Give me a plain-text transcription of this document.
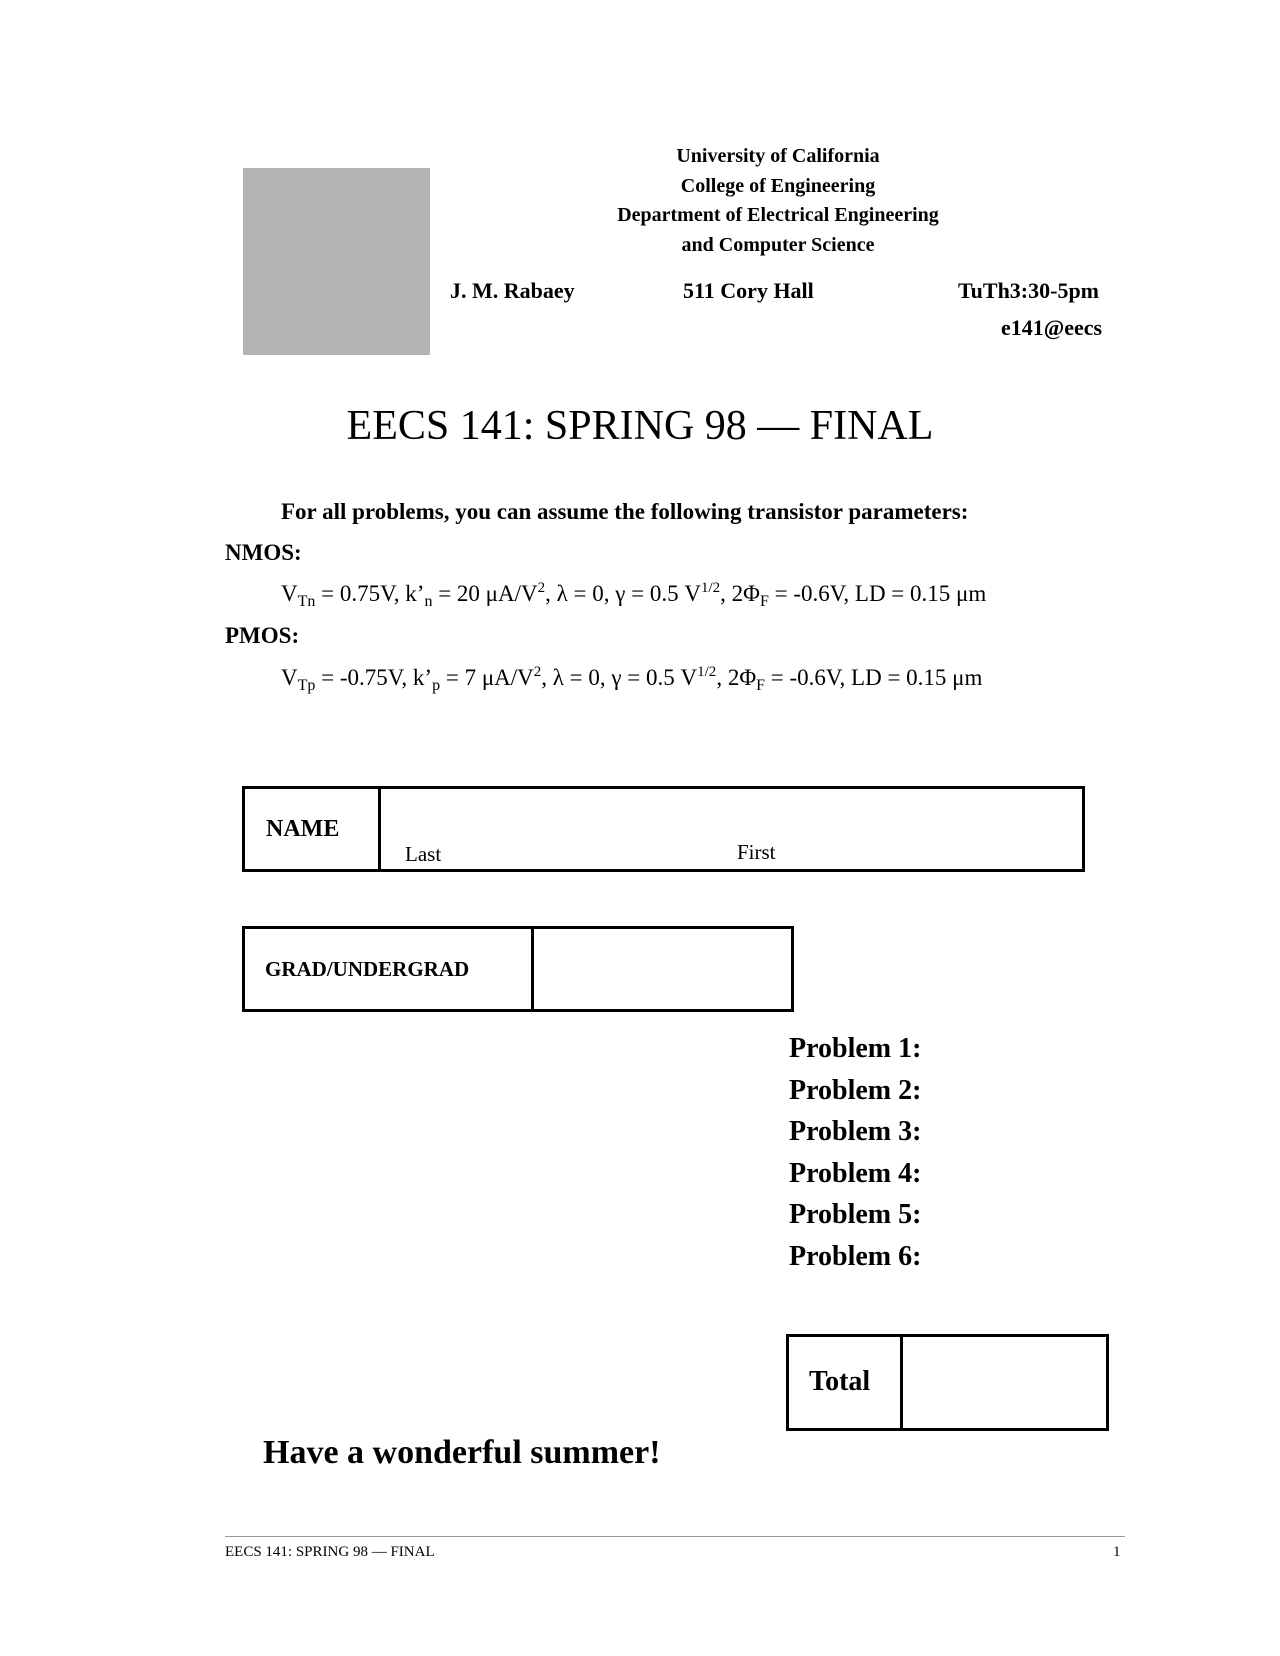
University of California
College of Engineering
Department of Electrical Engineering
and Computer Science
J. M. Rabaey	511 Cory Hall	TuTh3:30-5pm
e141@eecs
EECS 141: SPRING 98 — FINAL
For all problems, you can assume the following transistor parameters:
NMOS:
$V_{Tn} = 0.75V$, $k’_n = 20$ $\mu A/V^2$, λ = 0, γ = 0.5 $V^{1/2}$, $2\Phi_F = -0.6V$, LD = 0.15 μm
PMOS:
$V_{Tp} = -0.75V$, $k’_p = 7$ $\mu A/V^2$, λ = 0, γ = 0.5 $V^{1/2}$, $2\Phi_F = -0.6V$, LD = 0.15 μm
NAME
Last	First
GRAD/UNDERGRAD
Problem 1:
Problem 2:
Problem 3:
Problem 4:
Problem 5:
Problem 6:
Total
Have a wonderful summer!
EECS 141: SPRING 98 — FINAL	1
